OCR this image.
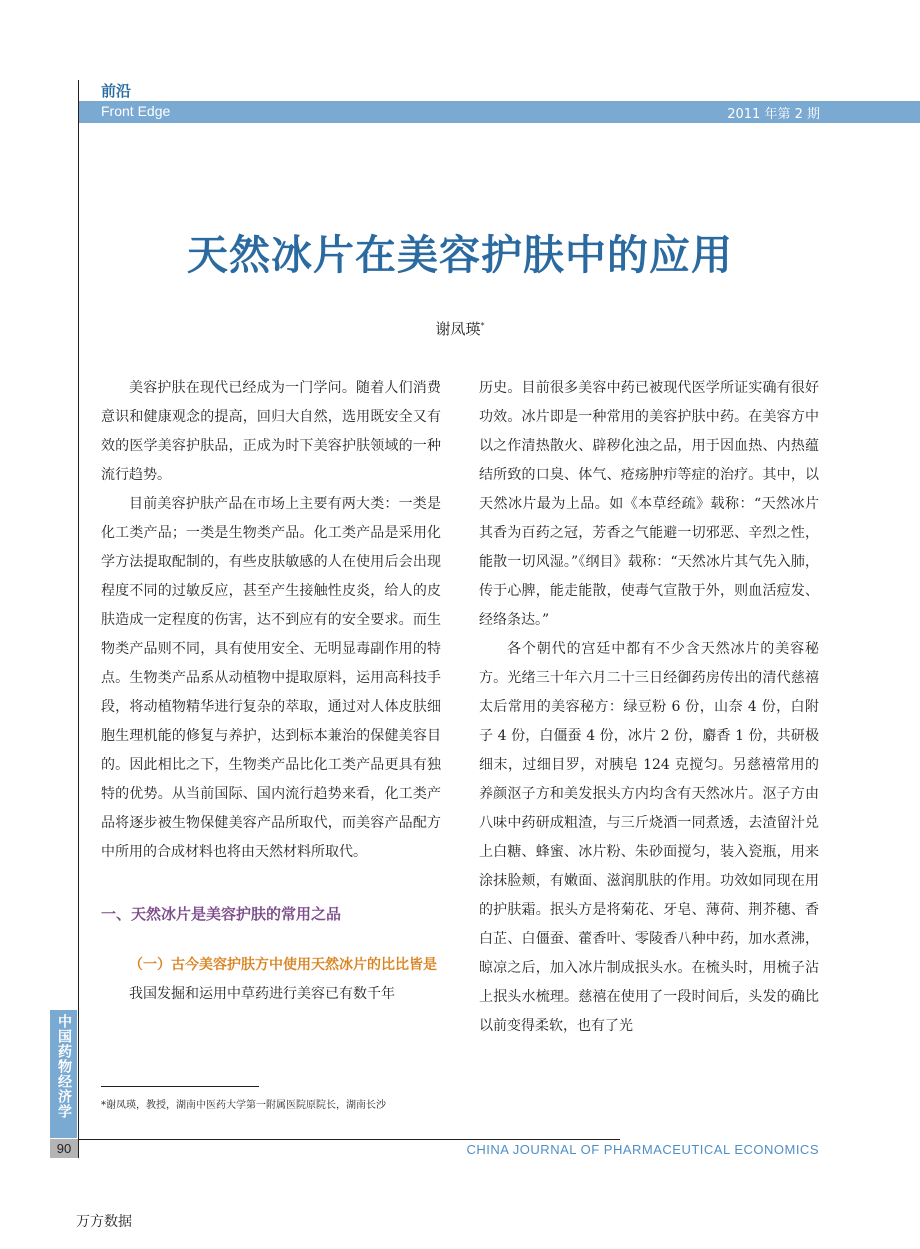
前沿
Front Edge	2011 年第 2 期
天然冰片在美容护肤中的应用
谢凤瑛*

美容护肤在现代已经成为一门学问。随着人们消费意识和健康观念的提高，回归大自然，选用既安全又有效的医学美容护肤品，正成为时下美容护肤领域的一种流行趋势。

目前美容护肤产品在市场上主要有两大类：一类是化工类产品；一类是生物类产品。化工类产品是采用化学方法提取配制的，有些皮肤敏感的人在使用后会出现程度不同的过敏反应，甚至产生接触性皮炎，给人的皮肤造成一定程度的伤害，达不到应有的安全要求。而生物类产品则不同，具有使用安全、无明显毒副作用的特点。生物类产品系从动植物中提取原料，运用高科技手段，将动植物精华进行复杂的萃取，通过对人体皮肤细胞生理机能的修复与养护，达到标本兼治的保健美容目的。因此相比之下，生物类产品比化工类产品更具有独特的优势。从当前国际、国内流行趋势来看，化工类产品将逐步被生物保健美容产品所取代，而美容产品配方中所用的合成材料也将由天然材料所取代。

一、天然冰片是美容护肤的常用之品

（一）古今美容护肤方中使用天然冰片的比比皆是

我国发掘和运用中草药进行美容已有数千年

历史。目前很多美容中药已被现代医学所证实确有很好功效。冰片即是一种常用的美容护肤中药。在美容方中以之作清热散火、辟秽化浊之品，用于因血热、内热蕴结所致的口臭、体气、疮疡肿疖等症的治疗。其中，以天然冰片最为上品。如《本草经疏》载称：“天然冰片其香为百药之冠，芳香之气能避一切邪恶、辛烈之性，能散一切风湿。”《纲目》载称：“天然冰片其气先入肺，传于心脾，能走能散，使毒气宣散于外，则血活痘发、经络条达。”

各个朝代的宫廷中都有不少含天然冰片的美容秘方。光绪三十年六月二十三日经御药房传出的清代慈禧太后常用的美容秘方：绿豆粉 6 份，山奈 4 份，白附子 4 份，白僵蚕 4 份，冰片 2 份，麝香 1 份，共研极细末，过细目罗，对胰皂 124 克搅匀。另慈禧常用的养颜沤子方和美发抿头方内均含有天然冰片。沤子方由八味中药研成粗渣，与三斤烧酒一同煮透，去渣留汁兑上白糖、蜂蜜、冰片粉、朱砂面搅匀，装入瓷瓶，用来涂抹脸颊，有嫩面、滋润肌肤的作用。功效如同现在用的护肤霜。抿头方是将菊花、牙皂、薄荷、荆芥穗、香白芷、白僵蚕、藿香叶、零陵香八种中药，加水煮沸，晾凉之后，加入冰片制成抿头水。在梳头时，用梳子沾上抿头水梳理。慈禧在使用了一段时间后，头发的确比以前变得柔软，也有了光

*谢凤瑛，教授，湖南中医药大学第一附属医院原院长，湖南长沙
中国药物经济学
90	CHINA JOURNAL OF PHARMACEUTICAL ECONOMICS
万方数据
